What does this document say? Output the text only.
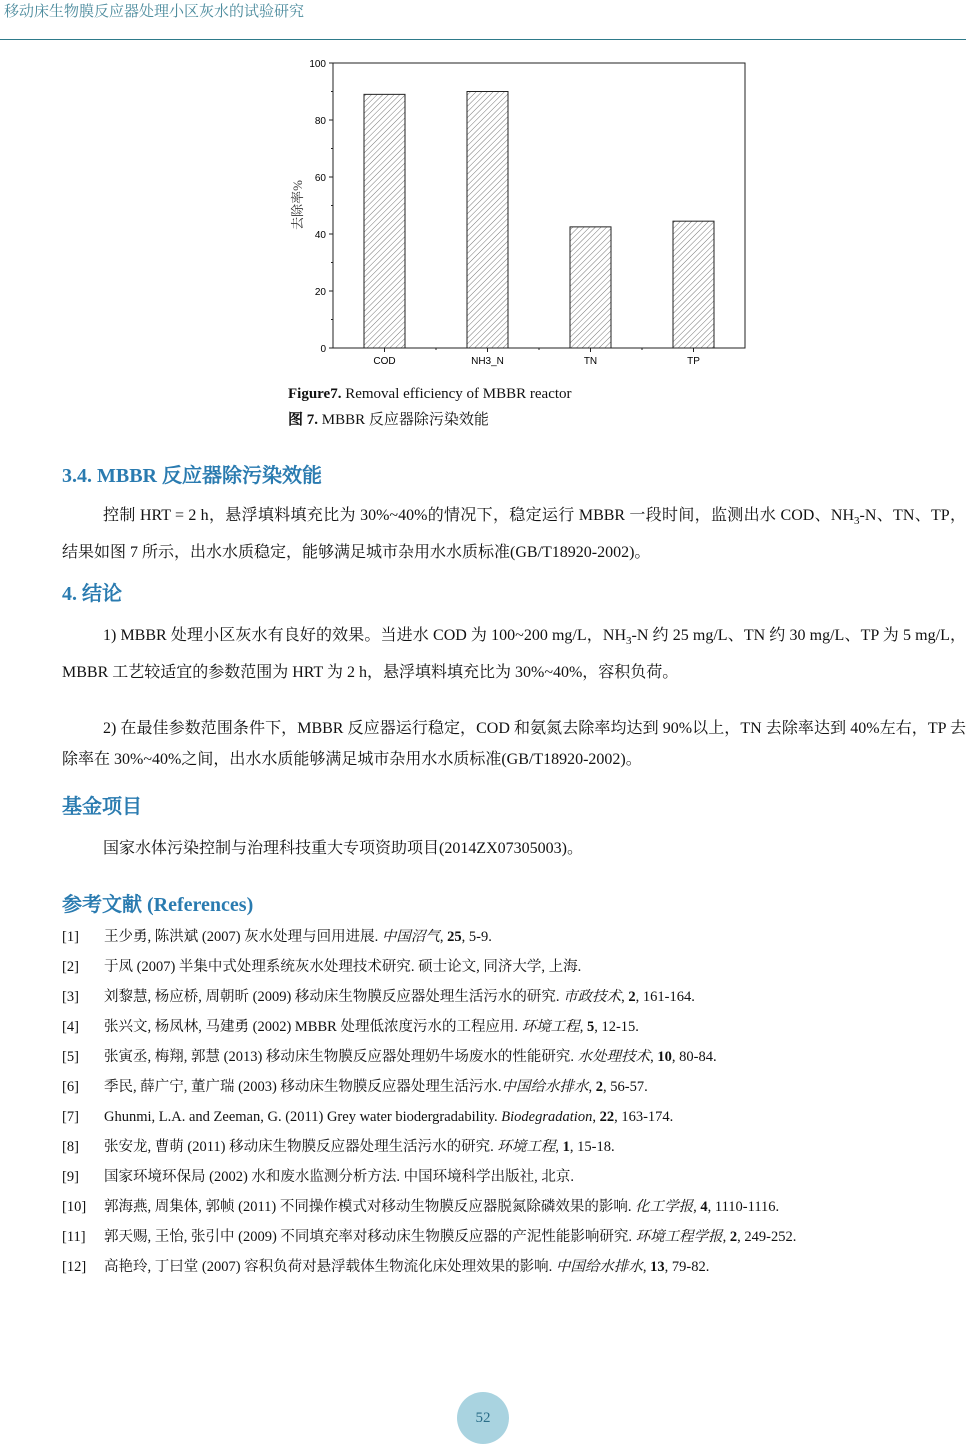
移动床生物膜反应器处理小区灰水的试验研究
0
20
40
60
80
100
COD	NH3_N	TN	TP
去除率%
Figure7. Removal efficiency of MBBR reactor
图 7. MBBR 反应器除污染效能
3.4. MBBR 反应器除污染效能
控制 HRT = 2 h，悬浮填料填充比为 30%~40%的情况下，稳定运行 MBBR 一段时间，监测出水 COD、$NH_3-N$、TN、TP，结果如图 7 所示，出水水质稳定，能够满足城市杂用水水质标准(GB/T18920-2002)。
4. 结论
1) MBBR 处理小区灰水有良好的效果。当进水 COD 为 100~200 mg/L，$NH_3-N$ 约 25 mg/L、TN 约 30 mg/L、TP 为 5 mg/L，MBBR 工艺较适宜的参数范围为 HRT 为 2 h，悬浮填料填充比为 30%~40%，容积负荷。
2) 在最佳参数范围条件下，MBBR 反应器运行稳定，COD 和氨氮去除率均达到 90%以上，TN 去除率达到 40%左右，TP 去除率在 30%~40%之间，出水水质能够满足城市杂用水水质标准(GB/T18920-2002)。
基金项目
国家水体污染控制与治理科技重大专项资助项目(2014ZX07305003)。
参考文献 (References)
[1]	王少勇, 陈洪斌 (2007) 灰水处理与回用进展. 中国沼气, 25, 5-9.
[2]	于凤 (2007) 半集中式处理系统灰水处理技术研究. 硕士论文, 同济大学, 上海.
[3]	刘黎慧, 杨应桥, 周朝昕 (2009) 移动床生物膜反应器处理生活污水的研究. 市政技术, 2, 161-164.
[4]	张兴文, 杨凤林, 马建勇 (2002) MBBR 处理低浓度污水的工程应用. 环境工程, 5, 12-15.
[5]	张寅丞, 梅翔, 郭慧 (2013) 移动床生物膜反应器处理奶牛场废水的性能研究. 水处理技术, 10, 80-84.
[6]	季民, 薛广宁, 董广瑞 (2003) 移动床生物膜反应器处理生活污水.中国给水排水, 2, 56-57.
[7]	Ghunmi, L.A. and Zeeman, G. (2011) Grey water biodergradability. Biodegradation, 22, 163-174.
[8]	张安龙, 曹萌 (2011) 移动床生物膜反应器处理生活污水的研究. 环境工程, 1, 15-18.
[9]	国家环境环保局 (2002) 水和废水监测分析方法. 中国环境科学出版社, 北京.
[10]	郭海燕, 周集体, 郭帧 (2011) 不同操作模式对移动生物膜反应器脱氮除磷效果的影响. 化工学报, 4, 1110-1116.
[11]	郭天赐, 王怡, 张引中 (2009) 不同填充率对移动床生物膜反应器的产泥性能影响研究. 环境工程学报, 2, 249-252.
[12]	高艳玲, 丁曰堂 (2007) 容积负荷对悬浮载体生物流化床处理效果的影响. 中国给水排水, 13, 79-82.
52
